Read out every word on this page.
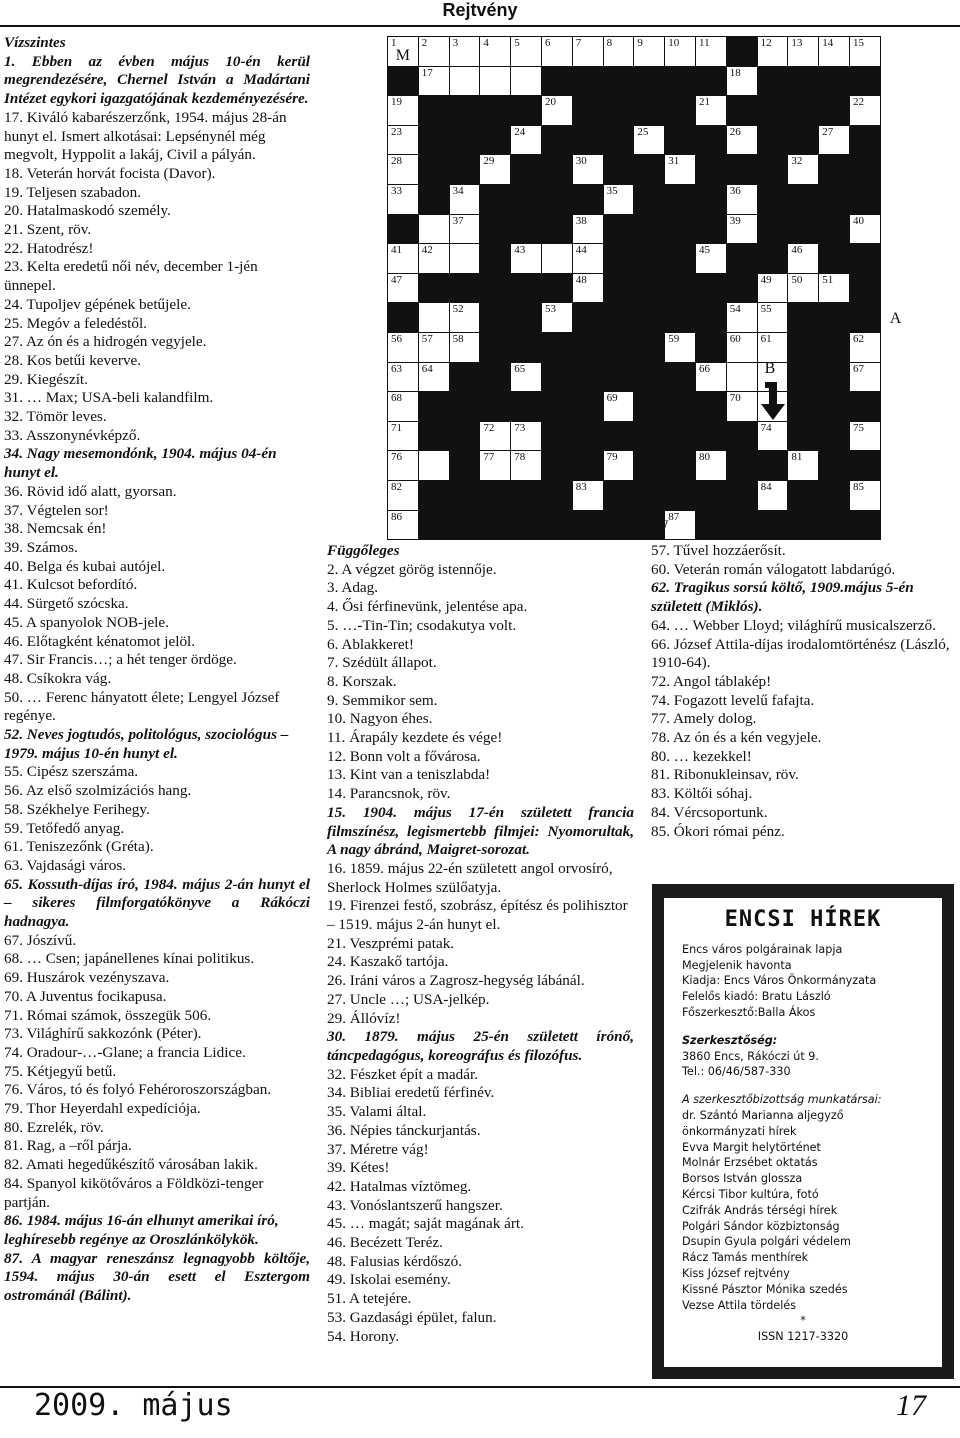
Rejtvény

Vízszintes

1. Ebben az évben május 10-én kerül megrendezésére, Chernel István a Madártani Intézet egykori igazgatójának kezdeményezésére.

17. Kiváló kabarészerzőnk, 1954. május 28-án hunyt el. Ismert alkotásai: Lepsénynél még megvolt, Hyppolit a lakáj, Civil a pályán.

18. Veterán horvát focista (Davor).

19. Teljesen szabadon.

20. Hatalmaskodó személy.

21. Szent, röv.

22. Hatodrész!

23. Kelta eredetű női név, december 1-jén ünnepel.

24. Tupoljev gépének betűjele.

25. Megóv a feledéstől.

27. Az ón és a hidrogén vegyjele.

28. Kos betűi keverve.

29. Kiegészít.

31. … Max; USA-beli kalandfilm.

32. Tömör leves.

33. Asszonynévképző.

34. Nagy mesemondónk, 1904. május 04-én hunyt el.

36. Rövid idő alatt, gyorsan.

37. Végtelen sor!

38. Nemcsak én!

39. Számos.

40. Belga és kubai autójel.

41. Kulcsot befordító.

44. Sürgető szócska.

45. A spanyolok NOB-jele.

46. Előtagként kénatomot jelöl.

47. Sir Francis…; a hét tenger ördöge.

48. Csíkokra vág.

50. … Ferenc hányatott élete; Lengyel József regénye.

52. Neves jogtudós, politológus, szociológus – 1979. május 10-én hunyt el.

55. Cipész szerszáma.

56. Az első szolmizációs hang.

58. Székhelye Ferihegy.

59. Tetőfedő anyag.

61. Teniszezőnk (Gréta).

63. Vajdasági város.

65. Kossuth-díjas író, 1984. május 2-án hunyt el – sikeres filmforgatókönyve a Rákóczi hadnagya.

67. Jószívű.

68. … Csen; japánellenes kínai politikus.

69. Huszárok vezényszava.

70. A Juventus focikapusa.

71. Római számok, összegük 506.

73. Világhírű sakkozónk (Péter).

74. Oradour-…-Glane; a francia Lidice.

75. Kétjegyű betű.

76. Város, tó és folyó Fehéroroszországban.

79. Thor Heyerdahl expedíciója.

80. Ezrelék, röv.

81. Rag, a –ről párja.

82. Amati hegedűkészítő városában lakik.

84. Spanyol kikötőváros a Földközi-tenger partján.

86. 1984. május 16-án elhunyt amerikai író, leghíresebb regénye az Oroszlánkölykök.

87. A magyar reneszánsz legnagyobb költője, 1594. május 30-án esett el Esztergom ostrománál (Bálint).

Függőleges

2. A végzet görög istennője.

3. Adag.

4. Ősi férfinevünk, jelentése apa.

5. …-Tin-Tin; csodakutya volt.

6. Ablakkeret!

7. Szédült állapot.

8. Korszak.

9. Semmikor sem.

10. Nagyon éhes.

11. Árapály kezdete és vége!

12. Bonn volt a fővárosa.

13. Kint van a teniszlabda!

14. Parancsnok, röv.

15. 1904. május 17-én született francia filmszínész, legismertebb filmjei: Nyomorultak, A nagy ábránd, Maigret-sorozat.

16. 1859. május 22-én született angol orvosíró, Sherlock Holmes szülőatyja.

19. Firenzei festő, szobrász, építész és polihisztor – 1519. május 2-án hunyt el.

21. Veszprémi patak.

24. Kaszakő tartója.

26. Iráni város a Zagrosz-hegység lábánál.

27. Uncle …; USA-jelkép.

29. Állóvíz!

30. 1879. május 25-én született írónő, táncpedagógus, koreográfus és filozófus.

32. Fészket épít a madár.

34. Bibliai eredetű férfinév.

35. Valami által.

36. Népies tánckurjantás.

37. Méretre vág!

39. Kétes!

42. Hatalmas víztömeg.

43. Vonóslantszerű hangszer.

45. … magát; saját magának árt.

46. Becézett Teréz.

48. Falusias kérdőszó.

49. Iskolai esemény.

51. A tetejére.

53. Gazdasági épület, falun.

54. Horony.

57. Tűvel hozzáerősít.

60. Veterán román válogatott labdarúgó.

62. Tragikus sorsú költő, 1909.május 5-én született (Miklós).

64. … Webber Lloyd; világhírű musicalszerző.

66. József Attila-díjas irodalomtörténész (László, 1910-64).

72. Angol táblakép!

74. Fogazott levelű fafajta.

77. Amely dolog.

78. Az ón és a kén vegyjele.

80. … kezekkel!

81. Ribonukleinsav, röv.

83. Költői sóhaj.

84. Vércsoportunk.

85. Ókori római pénz.

1
M
2 3 4 5 6 7 8 9 10 11
K
12 13 14 15
17	18
19	20	21	22
23	24	25	26	27
28	29	30	31	32
33	34	35	36
A
37	38	39	40
41 42	43	44	45	46
47	48	49 50 51
O
52	53	54 55
56 57 58	59	60 61	62
63 64	65	66	67
68	69	70
71	72 73	74	75
76	77 78	79	80	81
82	83	84	85
86	87
A
B
W
ENCSI HÍREK

Encs város polgárainak lapja

Megjelenik havonta

Kiadja: Encs Város Önkormányzata

Felelős kiadó: Bratu László

Főszerkesztő:Balla Ákos

Szerkesztőség:

3860 Encs, Rákóczi út 9.

Tel.: 06/46/587-330

A szerkesztőbizottság munkatársai:

dr. Szántó Marianna aljegyző

önkormányzati hírek

Evva Margit helytörténet

Molnár Erzsébet oktatás

Borsos István glossza

Kércsi Tibor kultúra, fotó

Czifrák András térségi hírek

Polgári Sándor közbiztonság

Dsupin Gyula polgári védelem

Rácz Tamás menthírek

Kiss József rejtvény

Kissné Pásztor Mónika szedés

Vezse Attila tördelés

*

ISSN 1217-3320

2009. május	17
